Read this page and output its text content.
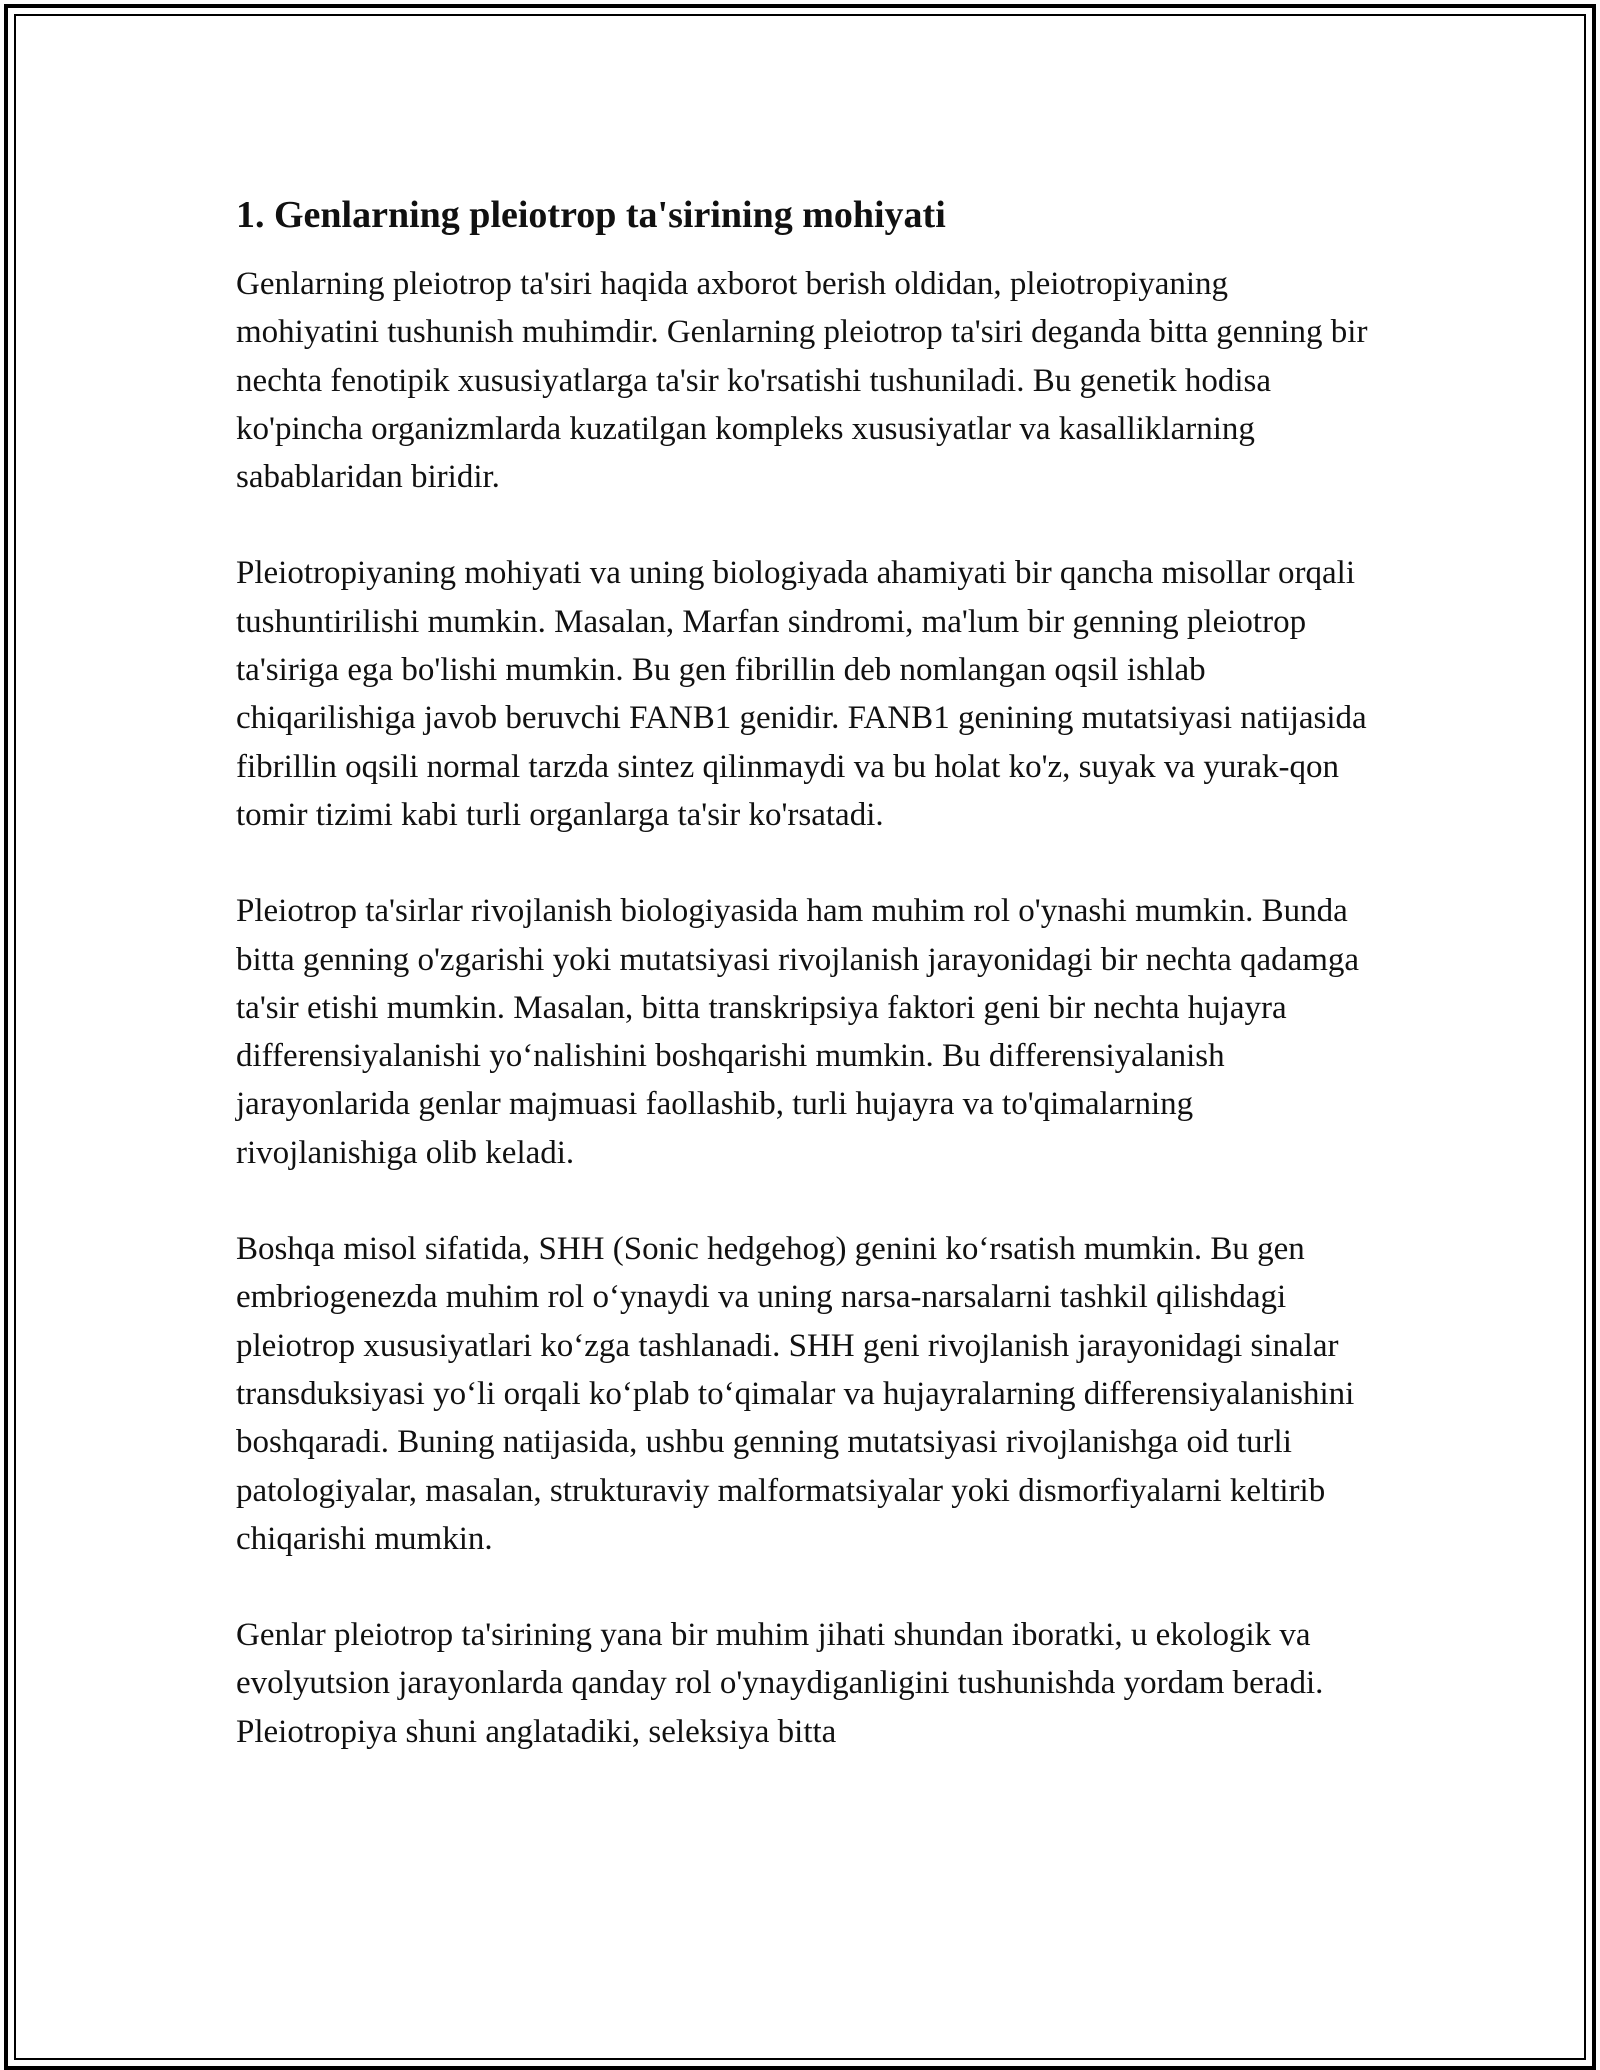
1. Genlarning pleiotrop ta'sirining mohiyati

Genlarning pleiotrop ta'siri haqida axborot berish oldidan, pleiotropiyaning mohiyatini tushunish muhimdir. Genlarning pleiotrop ta'siri deganda bitta genning bir nechta fenotipik xususiyatlarga ta'sir ko'rsatishi tushuniladi. Bu genetik hodisa ko'pincha organizmlarda kuzatilgan kompleks xususiyatlar va kasalliklarning sabablaridan biridir.

Pleiotropiyaning mohiyati va uning biologiyada ahamiyati bir qancha misollar orqali tushuntirilishi mumkin. Masalan, Marfan sindromi, ma'lum bir genning pleiotrop ta'siriga ega bo'lishi mumkin. Bu gen fibrillin deb nomlangan oqsil ishlab chiqarilishiga javob beruvchi FANB1 genidir. FANB1 genining mutatsiyasi natijasida fibrillin oqsili normal tarzda sintez qilinmaydi va bu holat ko'z, suyak va yurak-qon tomir tizimi kabi turli organlarga ta'sir ko'rsatadi.

Pleiotrop ta'sirlar rivojlanish biologiyasida ham muhim rol o'ynashi mumkin. Bunda bitta genning o'zgarishi yoki mutatsiyasi rivojlanish jarayonidagi bir nechta qadamga ta'sir etishi mumkin. Masalan, bitta transkripsiya faktori geni bir nechta hujayra differensiyalanishi yo‘nalishini boshqarishi mumkin. Bu differensiyalanish jarayonlarida genlar majmuasi faollashib, turli hujayra va to'qimalarning rivojlanishiga olib keladi.

Boshqa misol sifatida, SHH (Sonic hedgehog) genini ko‘rsatish mumkin. Bu gen embriogenezda muhim rol o‘ynaydi va uning narsa-narsalarni tashkil qilishdagi pleiotrop xususiyatlari ko‘zga tashlanadi. SHH geni rivojlanish jarayonidagi sinalar transduksiyasi yo‘li orqali ko‘plab to‘qimalar va hujayralarning differensiyalanishini boshqaradi. Buning natijasida, ushbu genning mutatsiyasi rivojlanishga oid turli patologiyalar, masalan, strukturaviy malformatsiyalar yoki dismorfiyalarni keltirib chiqarishi mumkin.

Genlar pleiotrop ta'sirining yana bir muhim jihati shundan iboratki, u ekologik va evolyutsion jarayonlarda qanday rol o'ynaydiganligini tushunishda yordam beradi. Pleiotropiya shuni anglatadiki, seleksiya bitta
